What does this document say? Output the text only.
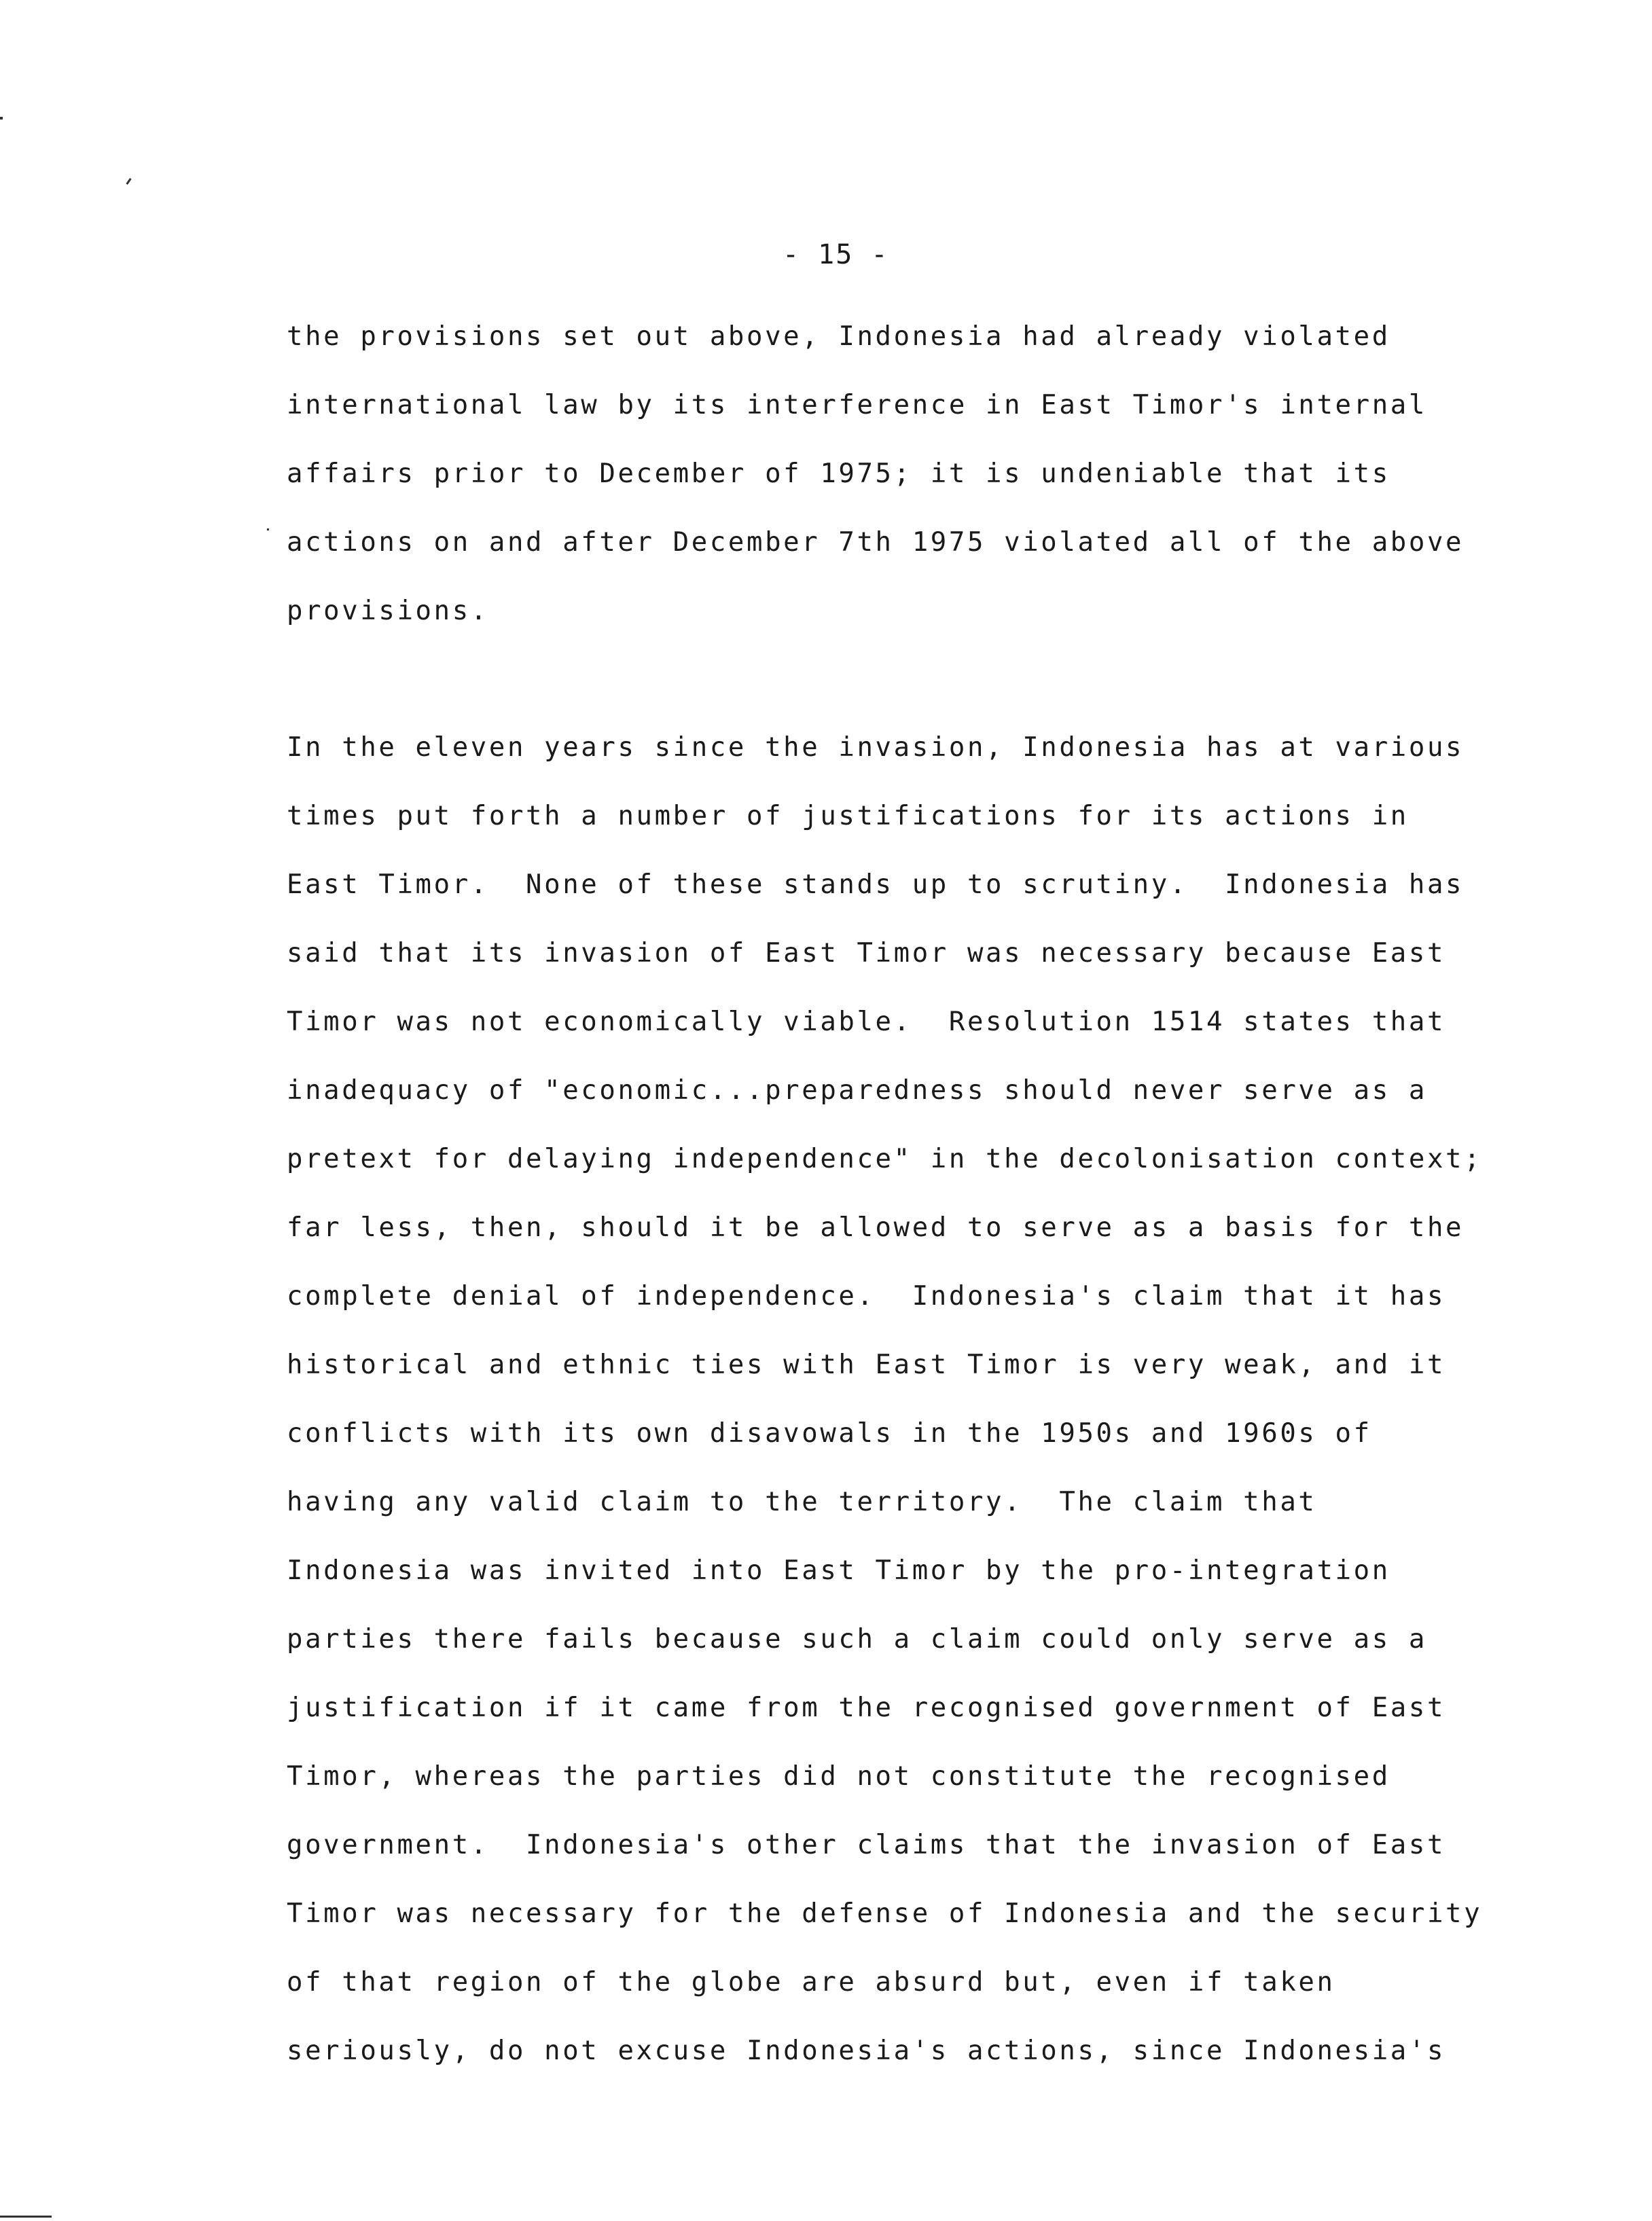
- 15 -
the provisions set out above, Indonesia had already violated
international law by its interference in East Timor's internal
affairs prior to December of 1975; it is undeniable that its
actions on and after December 7th 1975 violated all of the above
provisions.
In the eleven years since the invasion, Indonesia has at various
times put forth a number of justifications for its actions in
East Timor.  None of these stands up to scrutiny.  Indonesia has
said that its invasion of East Timor was necessary because East
Timor was not economically viable.  Resolution 1514 states that
inadequacy of "economic...preparedness should never serve as a
pretext for delaying independence" in the decolonisation context;
far less, then, should it be allowed to serve as a basis for the
complete denial of independence.  Indonesia's claim that it has
historical and ethnic ties with East Timor is very weak, and it
conflicts with its own disavowals in the 1950s and 1960s of
having any valid claim to the territory.  The claim that
Indonesia was invited into East Timor by the pro-integration
parties there fails because such a claim could only serve as a
justification if it came from the recognised government of East
Timor, whereas the parties did not constitute the recognised
government.  Indonesia's other claims that the invasion of East
Timor was necessary for the defense of Indonesia and the security
of that region of the globe are absurd but, even if taken
seriously, do not excuse Indonesia's actions, since Indonesia's
